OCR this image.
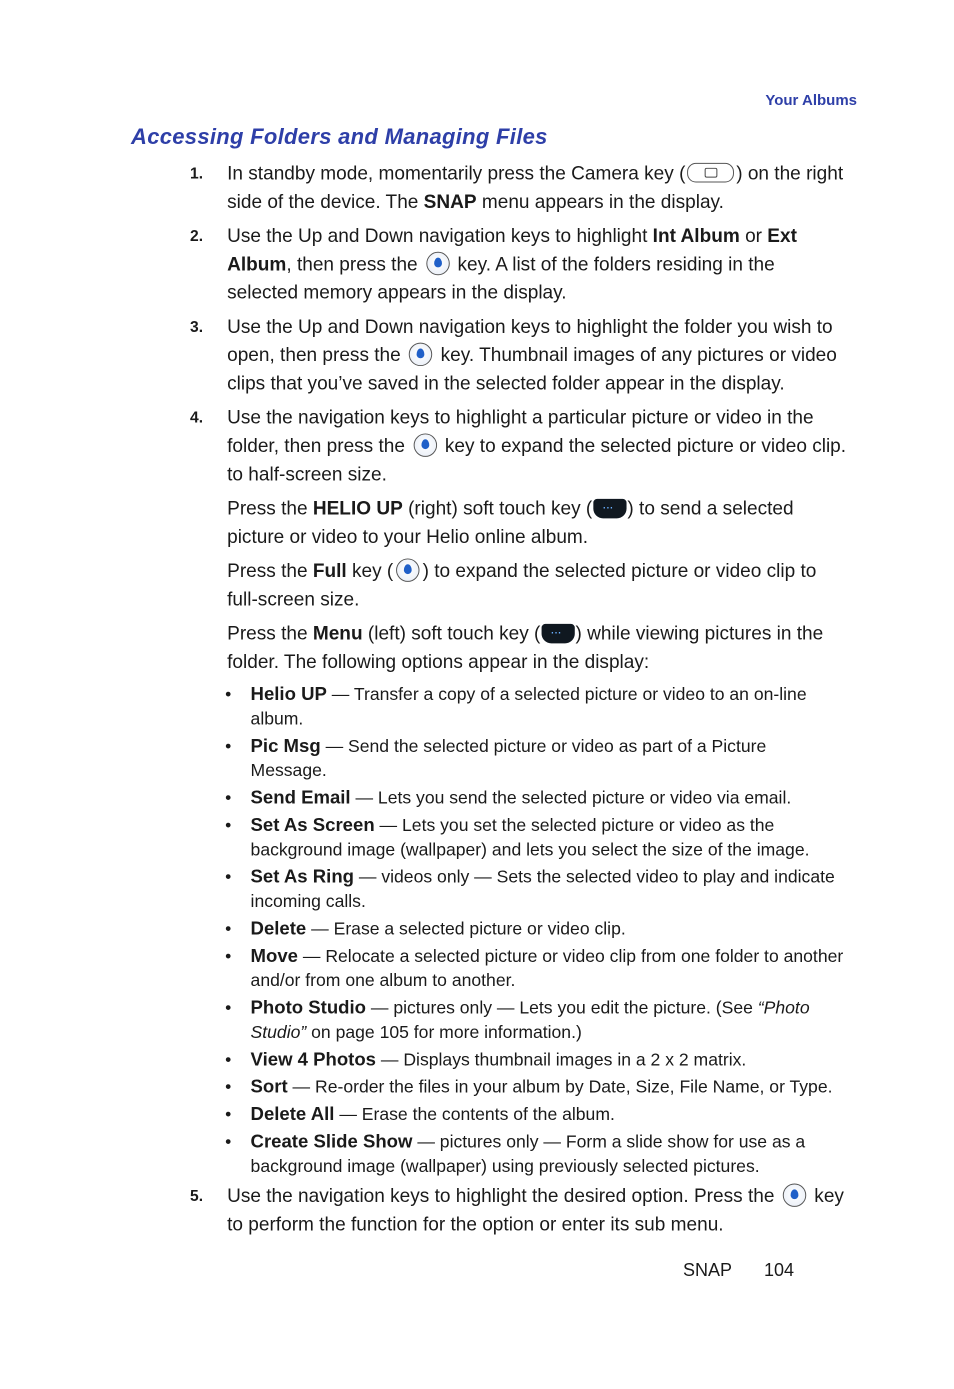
Your Albums
Accessing Folders and Managing Files
1. In standby mode, momentarily press the Camera key (	) on the right side of the device. The SNAP menu appears in the display.
2. Use the Up and Down navigation keys to highlight Int Album or Ext Album, then press the  key. A list of the folders residing in the selected memory appears in the display.
3. Use the Up and Down navigation keys to highlight the folder you wish to open, then press the  key. Thumbnail images of any pictures or video clips that you’ve saved in the selected folder appear in the display.
4. Use the navigation keys to highlight a particular picture or video in the folder, then press the  key to expand the selected picture or video clip. to half-screen size.
Press the HELIO UP (right) soft touch key ( ··· ) to send a selected picture or video to your Helio online album.
Press the Full key ( ) to expand the selected picture or video clip to full-screen size.
Press the Menu (left) soft touch key ( ··· ) while viewing pictures in the folder. The following options appear in the display:
• Helio UP — Transfer a copy of a selected picture or video to an on-line album.
• Pic Msg — Send the selected picture or video as part of a Picture Message.
• Send Email — Lets you send the selected picture or video via email.
• Set As Screen — Lets you set the selected picture or video as the background image (wallpaper) and lets you select the size of the image.
• Set As Ring — videos only — Sets the selected video to play and indicate incoming calls.
• Delete — Erase a selected picture or video clip.
• Move — Relocate a selected picture or video clip from one folder to another and/or from one album to another.
• Photo Studio — pictures only — Lets you edit the picture. (See “Photo Studio” on page 105 for more information.)
• View 4 Photos — Displays thumbnail images in a 2 x 2 matrix.
• Sort — Re-order the files in your album by Date, Size, File Name, or Type.
• Delete All — Erase the contents of the album.
• Create Slide Show — pictures only — Form a slide show for use as a background image (wallpaper) using previously selected pictures.
5. Use the navigation keys to highlight the desired option. Press the  key to perform the function for the option or enter its sub menu.
SNAP 104
